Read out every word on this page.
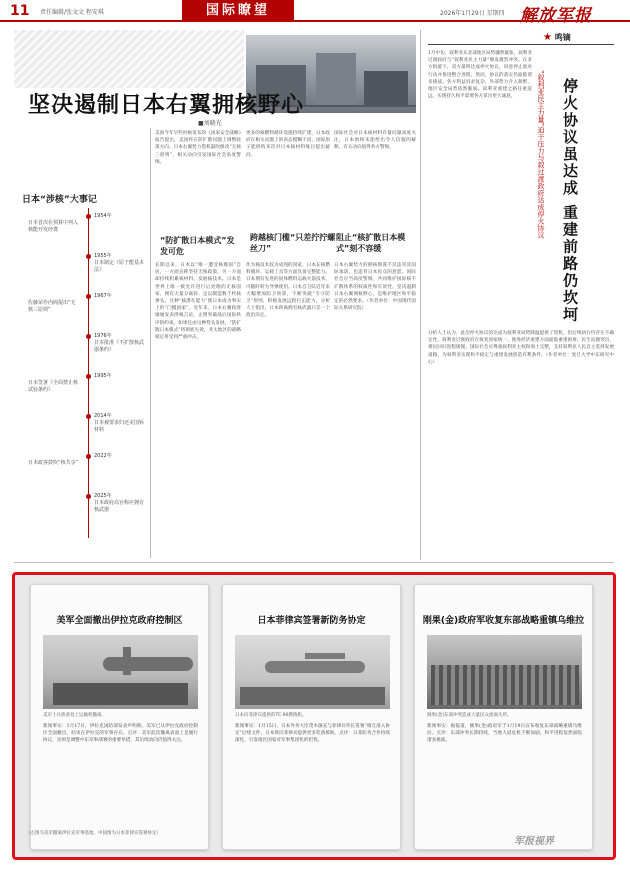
11 责任编辑/张文文 程安琪	国际瞭望	2026年1月29日 星期四 解放军报
坚决遏制日本右翼拥核野心
■刘晓光
日本“涉核”大事记
1954年
日本首次在预算中列入核能开发经费
1955年
日本制定《原子能基本法》
1967年
佐藤荣作内阁提出“无核三原则”
1976年
日本批准《不扩散核武器条约》
1995年
日本签署《全面禁止核试验条约》
2014年
日本被要求归还美国钚材料
2022年
日本政客鼓吹“核共享”
2025年
日本政府高官称应拥有核武器
美国今年早些时候发布的《国家安全战略》报告提出，美国将在防扩散问题上调整政策方向。日本右翼势力借机鼓吹修改“无核三原则”，相关动向引发国际社会高度警惕。
“防扩散日本模式”发发可危
长期以来，日本以“唯一遭受核爆国”自居，一方面宣称坚持无核政策，另一方面却持续积累核材料、发展核技术。日本是世界上唯一被允许进行后处理的无核国家，拥有大量分离钚，足以制造数千枚核弹头。这种“核潜在能力”使日本成为事实上的“门槛国家”。近年来，日本右翼政客屡屡发表涉核言论，企图突破战后国际秩序的约束。如果任由这种势头发展，“防扩散日本模式”将彻底失效，亚太地区的战略稳定将受到严重冲击。
更多的核燃料循环设施持续扩建，日本政府在相关问题上的表态模糊不清，国际原子能机构多次对日本核材料账目提出疑问。
国际社会对日本核材料存量问题高度关注，日本始终未能给出令人信服的解释。有关动向值得各方警惕。
跨越核门槛“只差拧拧螺丝刀”
作为核技术较为成熟的国家，日本在核燃料循环、运载工具等方面具备完整能力。日本拥有先进的固体燃料运载火箭技术，可随时转为导弹使用。日本自卫队近年来大幅增加防卫预算，不断突破“专守防卫”原则，积极发展远程打击能力。分析人士指出，日本距离拥有核武器只差一个政治决定。
阻止“核扩散日本模式”刻不容缓
日本右翼势力的拥核图谋不仅违背其国际承诺，也违背日本民众的意愿。国际社会应当高度警惕，共同维护国际核不扩散体系的权威性和有效性。坚决遏制日本右翼拥核野心，是维护地区和平稳定的必然要求。（作者单位：中国现代国际关系研究院）
★ 鸣镝
“叙利亚民主力量”迫于压力与叙过渡政府达成停火协议 停火协议虽达成 重建前路仍坎坷
1月中旬，叙利亚东北部地区局势骤然紧张，叙利亚过渡政府与“叙利亚民主力量”爆发激烈冲突。在多方斡旋下，双方最终达成停火协议，同意停止敌对行动并推进整合进程。然而，协议的落实仍面临诸多挑战。各方利益诉求复杂，外部势力介入频繁，地区安全局势依然脆弱。叙利亚重建之路任重道远，实现持久和平需要各方拿出更大诚意。
分析人士认为，此次停火协议的达成为叙利亚局势降温提供了契机，但后续执行仍存在不确定性。叙利亚过渡政府在恢复国家统一、推进经济重建方面面临重重困难，民生问题突出，难民回归进程缓慢。国际社会应尊重叙利亚主权和领土完整，支持叙利亚人民自主选择发展道路，为叙利亚实现和平稳定与重建发展创造有利条件。（作者单位：复旦大学中东研究中心）
美军全面撤出伊拉克政府控制区
美军士兵准备登上运输机撤离。
新闻事实：1月17日，伊拉克国防部发表声明称，美军已从伊拉克政府控制区全面撤出，结束在伊拉克的军事存在。点评：美军此次撤离表面上是履行协议，实则是调整中东军事部署的重要举措，其后续动向仍值得关注。
日本菲律宾签署新防务协定
日本向菲律宾提供的TC-90教练机。
新闻事实：1月15日，日本外务大臣茂木敏充与菲律宾外长签署“相互准入协定”后续文件，日本将向菲律宾提供更多装备援助。点评：日菲防务合作持续深化，引发地区国家对军事集团化的担忧。
刚果(金)政府军收复东部战略重镇乌维拉
刚果(金)东部冲突造成大量民众流离失所。
新闻事实：据报道，刚果(金)政府军于1月19日宣布收复东部战略重镇乌维拉。点评：东部冲突长期持续，当地人道危机不断加剧，和平进程依然面临诸多挑战。
（左图为美军撤离伊拉克军事基地，中间图为日本菲律宾签署协定）
军报视界
